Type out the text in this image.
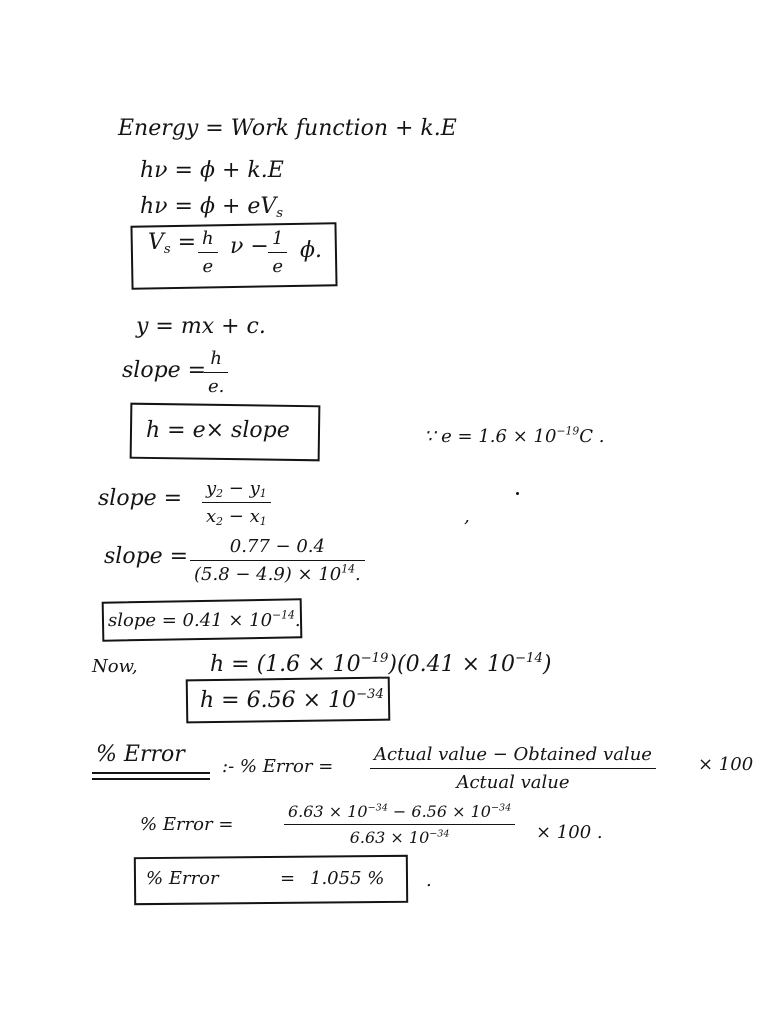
Energy = Work function + k.E
hν = ϕ + k.E
$h\nu = \phi + eV_s$
$V_s = \frac{h}{e}$ $\nu - \frac{1}{e} \phi$.
y = mx + c.
slope =
$\frac{h}{e.}$
h = e× slope	∵ $e = 1.6 \times 10^{-19}C$ .
,
slope = $\frac{y_2 - y_1}{x_2 - x_1}$
slope = $\frac{0.77 - 0.4}{(5.8 - 4.9) \times 10^{14}.}$
slope = $0.41 \times 10^{-14}$.
Now,	$h = (1.6 \times 10^{-19})(0.41 \times 10^{-14})$
$h = 6.56 \times 10^{-34}$
% Error :- % Error =
Actual value − Obtained value
Actual value
× 100
% Error =	$\frac{6.63 \times 10^{-34} - 6.56 \times 10^{-34}}{6.63 \times 10^{-34}} \times 100$ .
% Error	= 1.055 % .
